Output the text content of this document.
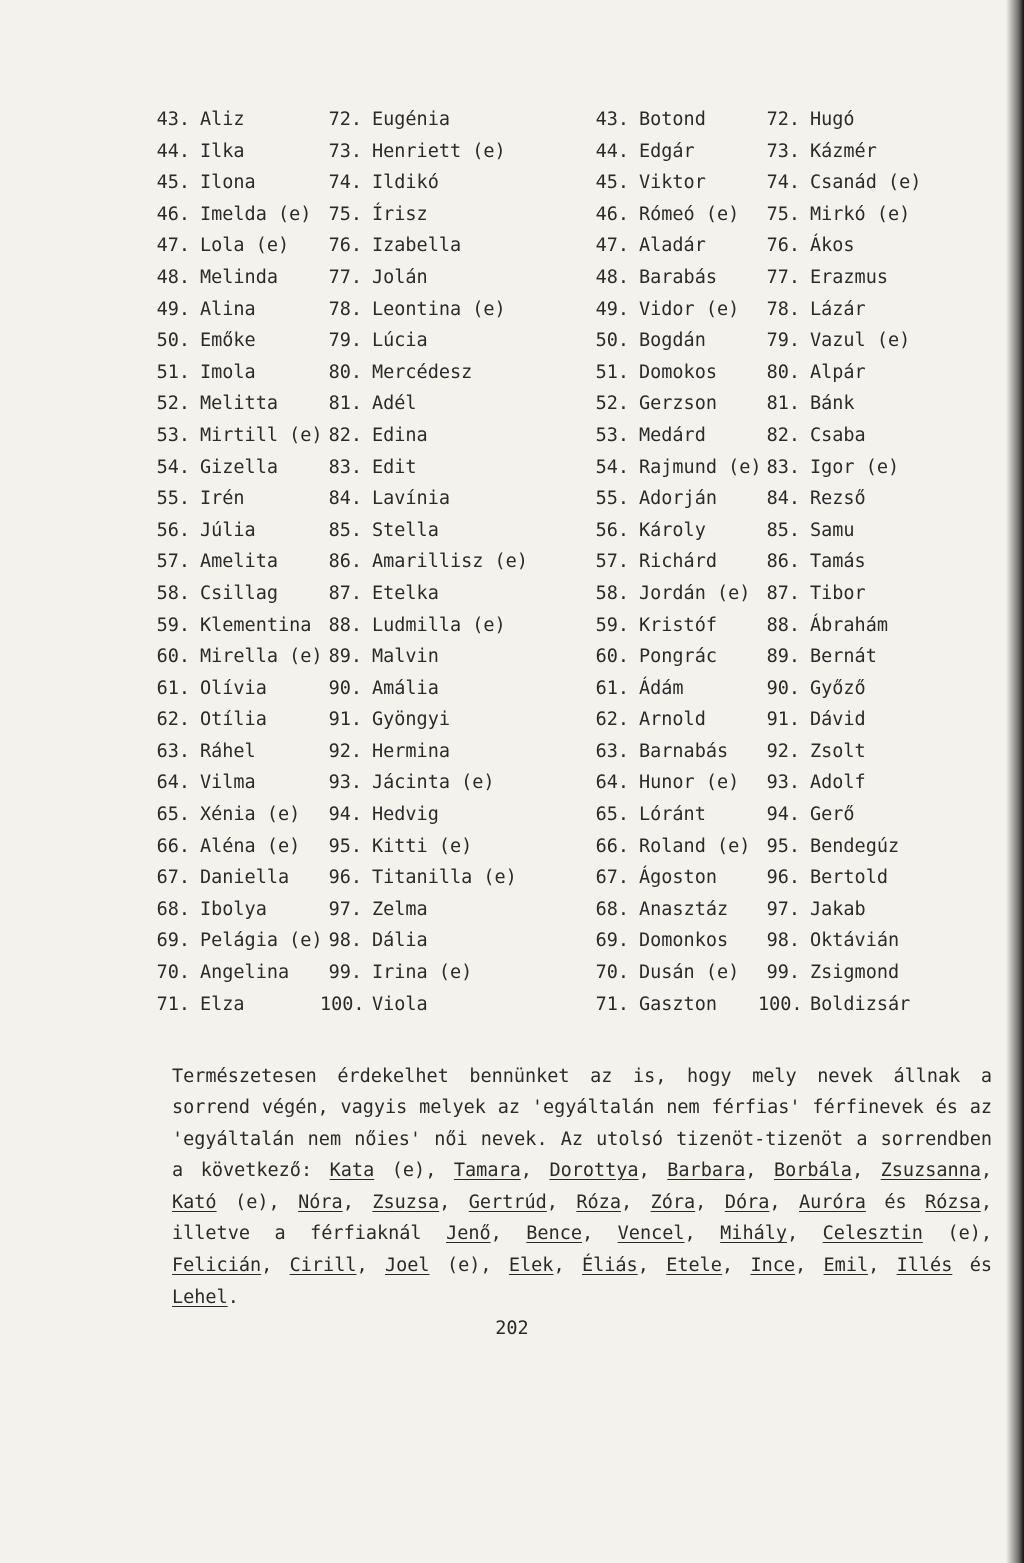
43. Aliz
44. Ilka
45. Ilona
46. Imelda (e)
47. Lola (e)
48. Melinda
49. Alina
50. Emőke
51. Imola
52. Melitta
53. Mirtill (e)
54. Gizella
55. Irén
56. Júlia
57. Amelita
58. Csillag
59. Klementina
60. Mirella (e)
61. Olívia
62. Otília
63. Ráhel
64. Vilma
65. Xénia (e)
66. Aléna (e)
67. Daniella
68. Ibolya
69. Pelágia (e)
70. Angelina
71. Elza
72. Eugénia
73. Henriett (e)
74. Ildikó
75. Írisz
76. Izabella
77. Jolán
78. Leontina (e)
79. Lúcia
80. Mercédesz
81. Adél
82. Edina
83. Edit
84. Lavínia
85. Stella
86. Amarillisz (e)
87. Etelka
88. Ludmilla (e)
89. Malvin
90. Amália
91. Gyöngyi
92. Hermina
93. Jácinta (e)
94. Hedvig
95. Kitti (e)
96. Titanilla (e)
97. Zelma
98. Dália
99. Irina (e)
100. Viola
43. Botond
44. Edgár
45. Viktor
46. Rómeó (e)
47. Aladár
48. Barabás
49. Vidor (e)
50. Bogdán
51. Domokos
52. Gerzson
53. Medárd
54. Rajmund (e)
55. Adorján
56. Károly
57. Richárd
58. Jordán (e)
59. Kristóf
60. Pongrác
61. Ádám
62. Arnold
63. Barnabás
64. Hunor (e)
65. Lóránt
66. Roland (e)
67. Ágoston
68. Anasztáz
69. Domonkos
70. Dusán (e)
71. Gaszton
72. Hugó
73. Kázmér
74. Csanád (e)
75. Mirkó (e)
76. Ákos
77. Erazmus
78. Lázár
79. Vazul (e)
80. Alpár
81. Bánk
82. Csaba
83. Igor (e)
84. Rezső
85. Samu
86. Tamás
87. Tibor
88. Ábrahám
89. Bernát
90. Győző
91. Dávid
92. Zsolt
93. Adolf
94. Gerő
95. Bendegúz
96. Bertold
97. Jakab
98. Oktávián
99. Zsigmond
100. Boldizsár

Természetesen érdekelhet bennünket az is, hogy mely nevek állnak a sorrend végén, vagyis melyek az 'egyáltalán nem férfias' férfinevek és az 'egyáltalán nem nőies' női nevek. Az utolsó tizenöt-tizenöt a sorrendben a következő: Kata (e), Tamara, Dorottya, Barbara, Borbála, Zsuzsanna, Kató (e), Nóra, Zsuzsa, Gertrúd, Róza, Zóra, Dóra, Auróra és Rózsa, illetve a férfiaknál Jenő, Bence, Vencel, Mihály, Celesztin (e), Felicián, Cirill, Joel (e), Elek, Éliás, Etele, Ince, Emil, Illés és Lehel.

202
